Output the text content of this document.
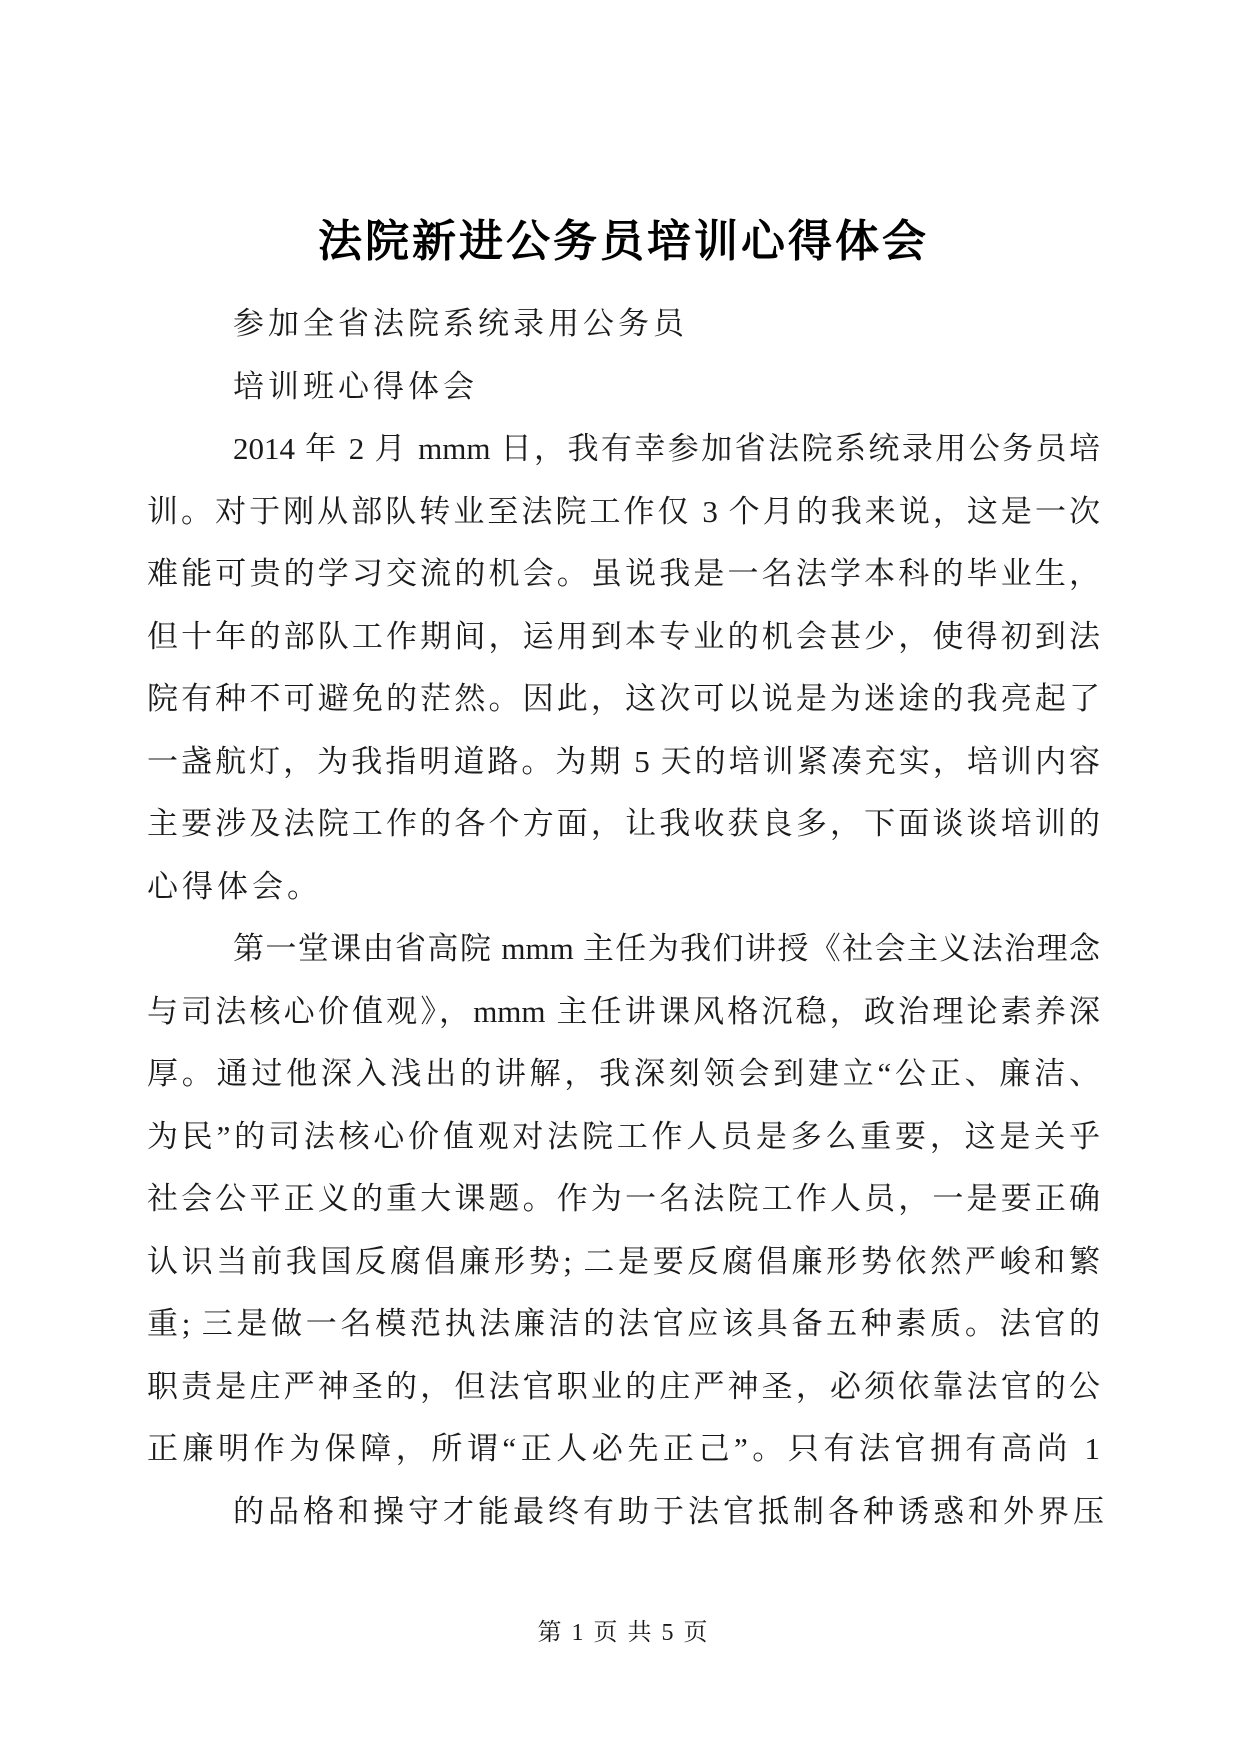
法院新进公务员培训心得体会
参加全省法院系统录用公务员
培训班心得体会
2014 年 2 月 mmm 日，我有幸参加省法院系统录用公务员培
训。对于刚从部队转业至法院工作仅 3 个月的我来说，这是一次
难能可贵的学习交流的机会。虽说我是一名法学本科的毕业生，
但十年的部队工作期间，运用到本专业的机会甚少，使得初到法
院有种不可避免的茫然。因此，这次可以说是为迷途的我亮起了
一盏航灯，为我指明道路。为期 5 天的培训紧凑充实，培训内容
主要涉及法院工作的各个方面，让我收获良多，下面谈谈培训的
心得体会。
第一堂课由省高院 mmm 主任为我们讲授《社会主义法治理念
与司法核心价值观》，mmm 主任讲课风格沉稳，政治理论素养深
厚。通过他深入浅出的讲解，我深刻领会到建立“公正、廉洁、
为民”的司法核心价值观对法院工作人员是多么重要，这是关乎
社会公平正义的重大课题。作为一名法院工作人员，一是要正确
认识当前我国反腐倡廉形势; 二是要反腐倡廉形势依然严峻和繁
重; 三是做一名模范执法廉洁的法官应该具备五种素质。法官的
职责是庄严神圣的，但法官职业的庄严神圣，必须依靠法官的公
正廉明作为保障，所谓“正人必先正己”。只有法官拥有高尚 1
的品格和操守才能最终有助于法官抵制各种诱惑和外界压
第 1 页 共 5 页
